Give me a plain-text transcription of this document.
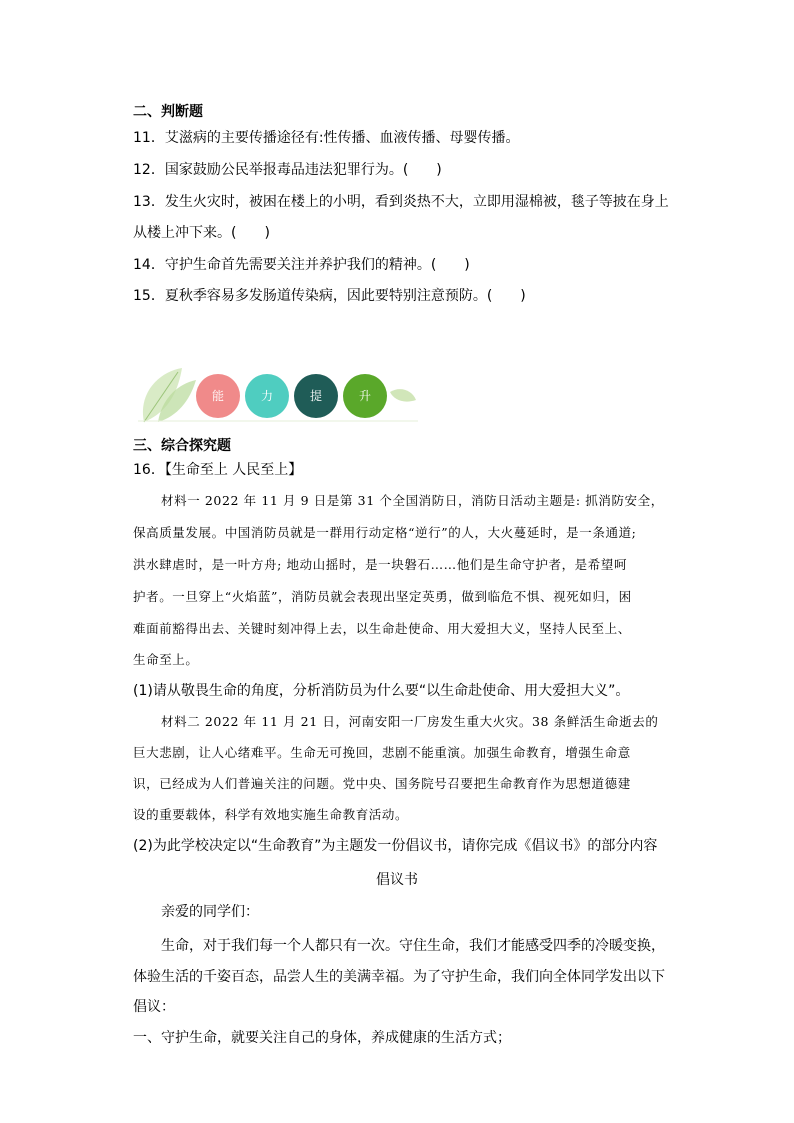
二、判断题
11．艾滋病的主要传播途径有:性传播、血液传播、母婴传播。
12．国家鼓励公民举报毒品违法犯罪行为。(　　)
13．发生火灾时，被困在楼上的小明，看到炎热不大，立即用湿棉被，毯子等披在身上
从楼上冲下来。(　　)
14．守护生命首先需要关注并养护我们的精神。(　　)
15．夏秋季容易多发肠道传染病，因此要特别注意预防。(　　)
能	力	提	升
三、综合探究题
16．【生命至上 人民至上】
材料一 2022 年 11 月 9 日是第 31 个全国消防日，消防日活动主题是: 抓消防安全，
保高质量发展。中国消防员就是一群用行动定格“逆行”的人，大火蔓延时，是一条通道;
洪水肆虐时，是一叶方舟; 地动山摇时，是一块磐石……他们是生命守护者，是希望呵
护者。一旦穿上“火焰蓝”，消防员就会表现出坚定英勇，做到临危不惧、视死如归，困
难面前豁得出去、关键时刻冲得上去，以生命赴使命、用大爱担大义，坚持人民至上、
生命至上。
(1)请从敬畏生命的角度，分析消防员为什么要“以生命赴使命、用大爱担大义”。
材料二 2022 年 11 月 21 日，河南安阳一厂房发生重大火灾。38 条鲜活生命逝去的
巨大悲剧，让人心绪难平。生命无可挽回，悲剧不能重演。加强生命教育，增强生命意
识，已经成为人们普遍关注的问题。党中央、国务院号召要把生命教育作为思想道德建
设的重要载体，科学有效地实施生命教育活动。
(2)为此学校决定以“生命教育”为主题发一份倡议书，请你完成《倡议书》的部分内容
倡议书
亲爱的同学们：
生命，对于我们每一个人都只有一次。守住生命，我们才能感受四季的冷暖变换，
体验生活的千姿百态，品尝人生的美满幸福。为了守护生命，我们向全体同学发出以下
倡议：
一、守护生命，就要关注自己的身体，养成健康的生活方式；
